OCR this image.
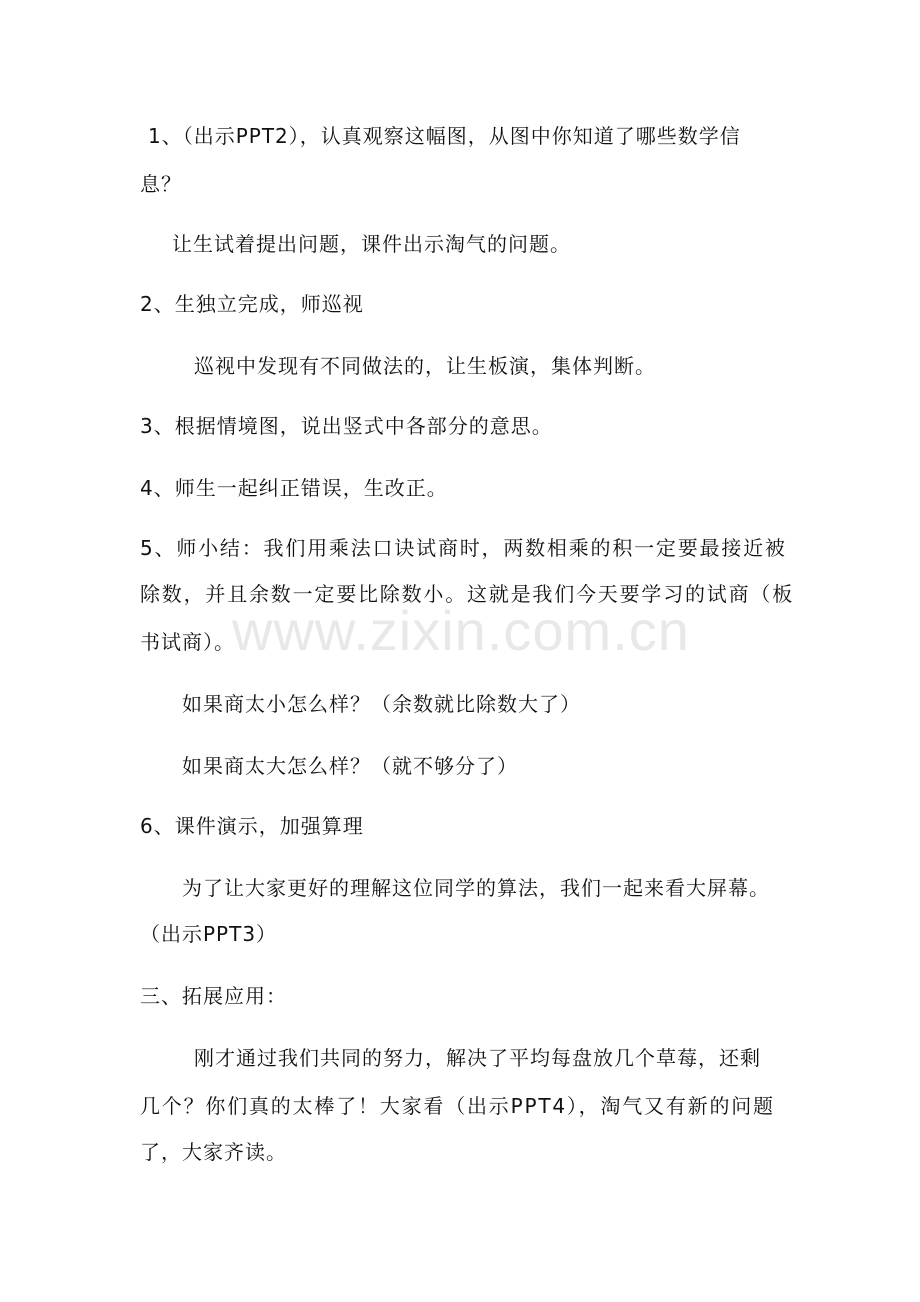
1、（出示PPT2），认真观察这幅图，从图中你知道了哪些数学信
息？
让生试着提出问题，课件出示淘气的问题。
2、生独立完成，师巡视
巡视中发现有不同做法的，让生板演，集体判断。
3、根据情境图，说出竖式中各部分的意思。
4、师生一起纠正错误，生改正。
5、师小结：我们用乘法口诀试商时，两数相乘的积一定要最接近被
除数，并且余数一定要比除数小。这就是我们今天要学习的试商（板
书试商）。
如果商太小怎么样？（余数就比除数大了）
如果商太大怎么样？（就不够分了）
6、课件演示，加强算理
为了让大家更好的理解这位同学的算法，我们一起来看大屏幕。
（出示PPT3）
三、拓展应用：
刚才通过我们共同的努力，解决了平均每盘放几个草莓，还剩
几个？你们真的太棒了！大家看（出示PPT4），淘气又有新的问题
了，大家齐读。
www.zixin.com.cn
